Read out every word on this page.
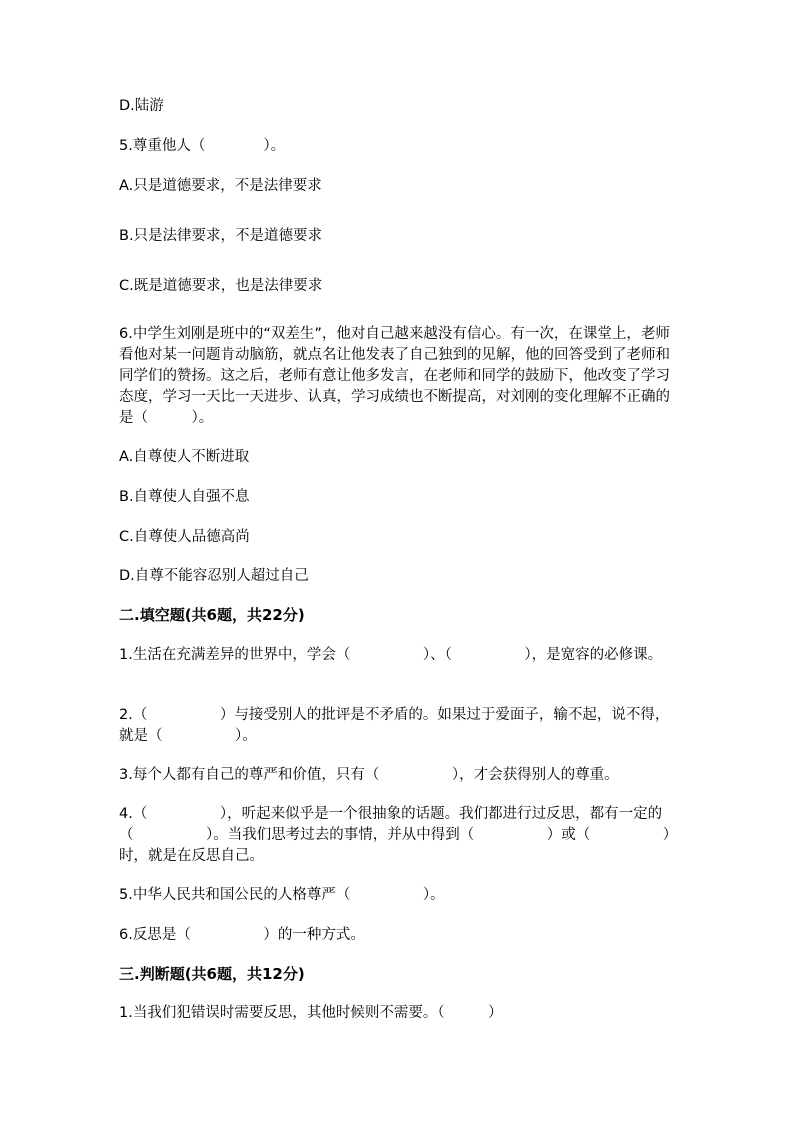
D.陆游
5.尊重他人（　　　　）。
A.只是道德要求，不是法律要求
B.只是法律要求，不是道德要求
C.既是道德要求，也是法律要求
6.中学生刘刚是班中的“双差生”，他对自己越来越没有信心。有一次，在课堂上，老师看他对某一问题肯动脑筋，就点名让他发表了自己独到的见解，他的回答受到了老师和同学们的赞扬。这之后，老师有意让他多发言，在老师和同学的鼓励下，他改变了学习态度，学习一天比一天进步、认真，学习成绩也不断提高，对刘刚的变化理解不正确的是（　　　）。
A.自尊使人不断进取
B.自尊使人自强不息
C.自尊使人品德高尚
D.自尊不能容忍别人超过自己
二.填空题(共6题，共22分)
1.生活在充满差异的世界中，学会（　　　　　）、（　　　　　），是宽容的必修课。
2.（　　　　　）与接受别人的批评是不矛盾的。如果过于爱面子，输不起，说不得，就是（　　　　　）。
3.每个人都有自己的尊严和价值，只有（　　　　　），才会获得别人的尊重。
4.（　　　　　），听起来似乎是一个很抽象的话题。我们都进行过反思，都有一定的（　　　　　）。当我们思考过去的事情，并从中得到（　　　　　）或（　　　　　）时，就是在反思自己。
5.中华人民共和国公民的人格尊严（　　　　　）。
6.反思是（　　　　　）的一种方式。
三.判断题(共6题，共12分)
1.当我们犯错误时需要反思，其他时候则不需要。（　　　）
